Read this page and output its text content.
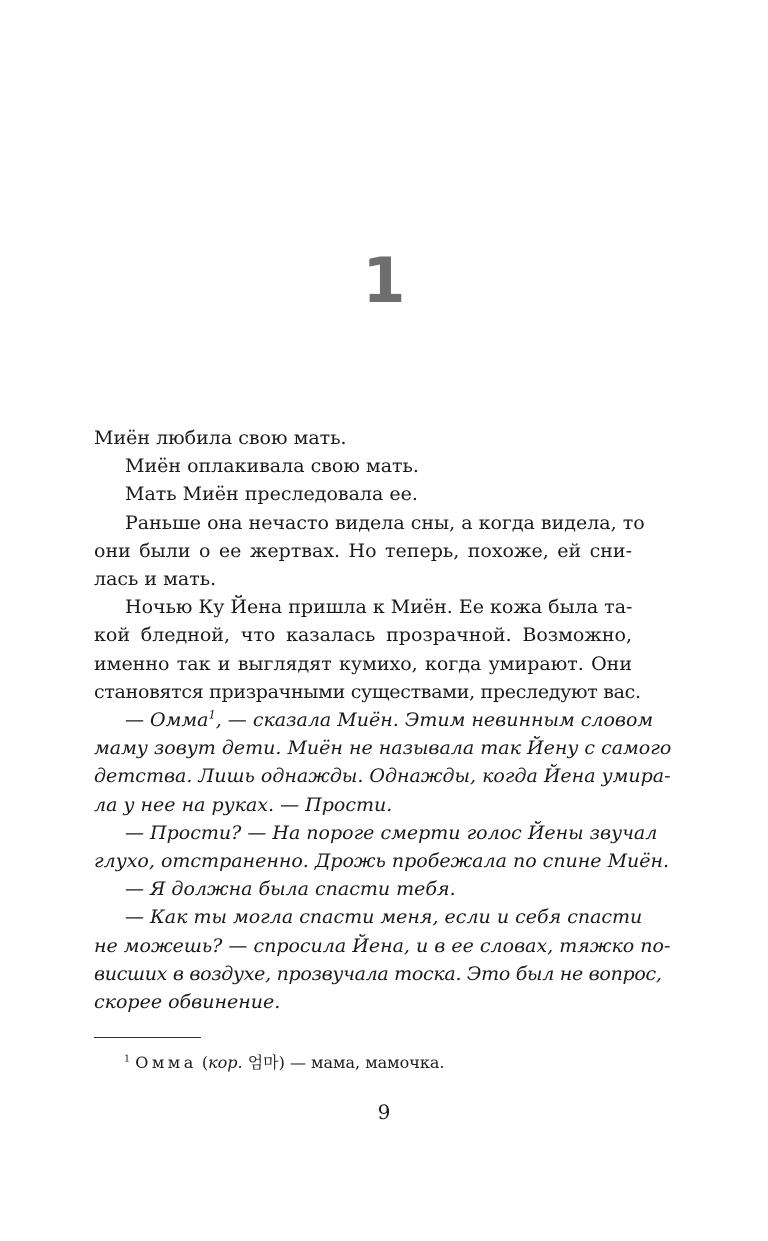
1

Миён любила свою мать.

Миён оплакивала свою мать.

Мать Миён преследовала ее.

Раньше она нечасто видела сны, а когда видела, то
они были о ее жертвах. Но теперь, похоже, ей сни-
лась и мать.

Ночью Ку Йена пришла к Миён. Ее кожа была та-
кой бледной, что казалась прозрачной. Возможно,
именно так и выглядят кумихо, когда умирают. Они
становятся призрачными существами, преследуют вас.

— Омма$^1$, — сказала Миён. Этим невинным словом
маму зовут дети. Миён не называла так Йену с самого
детства. Лишь однажды. Однажды, когда Йена умира-
ла у нее на руках. — Прости.

— Прости? — На пороге смерти голос Йены звучал
глухо, отстраненно. Дрожь пробежала по спине Миён.

— Я должна была спасти тебя.

— Как ты могла спасти меня, если и себя спасти
не можешь? — спросила Йена, и в ее словах, тяжко по-
висших в воздухе, прозвучала тоска. Это был не вопрос,
скорее обвинение.

$^1$ Омма (кор. 엄마) — мама, мамочка.
9
